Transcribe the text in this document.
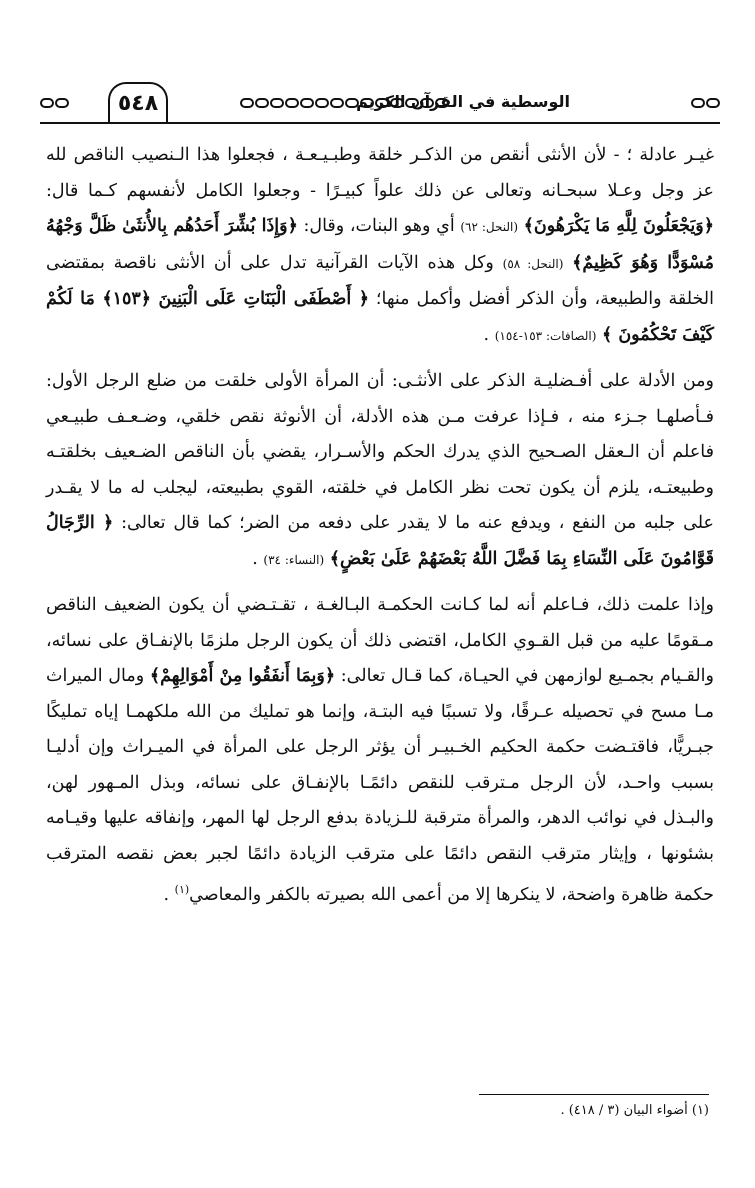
٥٤٨	الوسطية في القرآن الكريم

غيـر عادلة ؛ - لأن الأنثى أنقص من الذكـر خلقة وطبـيـعـة ، فجعلوا هذا الـنصيب الناقص لله عز وجل وعـلا سبحـانه وتعالى عن ذلك علواً كبيـرًا - وجعلوا الكامل لأنفسهم كـما قال: ﴿وَيَجْعَلُونَ لِلَّهِ مَا يَكْرَهُونَ﴾ (النحل: ٦٢) أي وهو البنات، وقال: ﴿وَإِذَا بُشِّرَ أَحَدُهُم بِالأُنثَىٰ ظَلَّ وَجْهُهُ مُسْوَدًّا وَهُوَ كَظِيمٌ﴾ (النحل: ٥٨) وكل هذه الآيات القرآنية تدل على أن الأنثى ناقصة بمقتضى الخلقة والطبيعة، وأن الذكر أفضل وأكمل منها؛ ﴿ أَصْطَفَى الْبَنَاتِ عَلَى الْبَنِينَ ﴿١٥٣﴾ مَا لَكُمْ كَيْفَ تَحْكُمُونَ ﴾ (الصافات: ١٥٣-١٥٤) .

ومن الأدلة على أفـضليـة الذكر على الأنثـى: أن المرأة الأولى خلقت من ضلع الرجل الأول: فـأصلهـا جـزء منه ، فـإذا عرفت مـن هذه الأدلة، أن الأنوثة نقص خلقي، وضـعـف طبيـعي فاعلم أن الـعقل الصـحيح الذي يدرك الحكم والأسـرار، يقضي بأن الناقص الضـعيف بخلقتـه وطبيعتـه، يلزم أن يكون تحت نظر الكامل في خلقته، القوي بطبيعته، ليجلب له ما لا يقـدر على جلبه من النفع ، ويدفع عنه ما لا يقدر على دفعه من الضر؛ كما قال تعالى: ﴿ الرِّجَالُ قَوَّامُونَ عَلَى النِّسَاءِ بِمَا فَضَّلَ اللَّهُ بَعْضَهُمْ عَلَىٰ بَعْضٍ﴾ (النساء: ٣٤) .

وإذا علمت ذلك، فـاعلم أنه لما كـانت الحكمـة البـالغـة ، تقـتـضي أن يكون الضعيف الناقص مـقومًا عليه من قبل القـوي الكامل، اقتضى ذلك أن يكون الرجل ملزمًا بالإنفـاق على نسائه، والقـيام بجمـيع لوازمهن في الحيـاة، كما قـال تعالى: ﴿وَبِمَا أَنفَقُوا مِنْ أَمْوَالِهِمْ﴾ ومال الميراث مـا مسح في تحصيله عـرقًا، ولا تسببًا فيه البتـة، وإنما هو تمليك من الله ملكهمـا إياه تمليكًا جبـريًّا، فاقتـضت حكمة الحكيم الخـبيـر أن يؤثر الرجل على المرأة في الميـراث وإن أدليـا بسبب واحـد، لأن الرجل مـترقب للنقص دائمًـا بالإنفـاق على نسائه، وبذل المـهور لهن، والبـذل في نوائب الدهر، والمرأة مترقبة للـزيادة بدفع الرجل لها المهر، وإنفاقه عليها وقيـامه بشئونها ، وإيثار مترقب النقص دائمًا على مترقب الزيادة دائمًا لجبر بعض نقصه المترقب حكمة ظاهرة واضحة، لا ينكرها إلا من أعمى الله بصيرته بالكفر والمعاصي$^{(١)}$ .

(١) أضواء البيان (٣ / ٤١٨) .
